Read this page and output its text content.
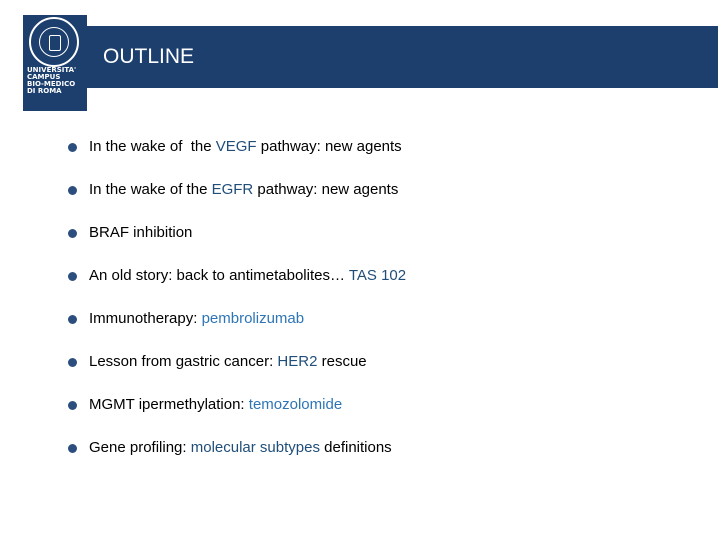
UNIVERSITA'
CAMPUS
BIO-MEDICO
DI ROMA
OUTLINE
In the wake of  the VEGF pathway: new agents
In the wake of the EGFR pathway: new agents
BRAF inhibition
An old story: back to antimetabolites… TAS 102
Immunotherapy: pembrolizumab
Lesson from gastric cancer: HER2 rescue
MGMT ipermethylation: temozolomide
Gene profiling: molecular subtypes definitions
